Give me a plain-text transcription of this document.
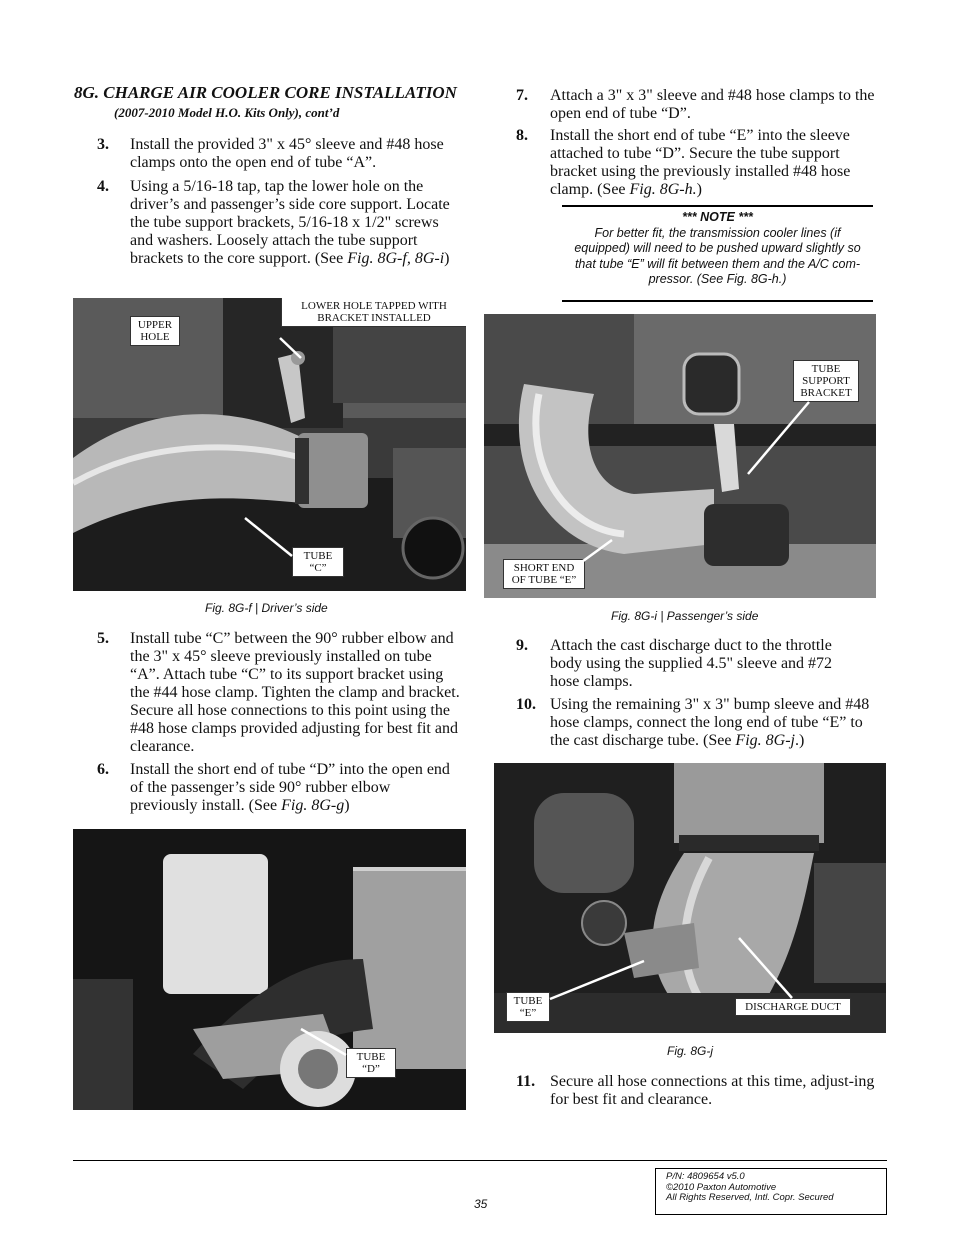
8G. CHARGE AIR COOLER CORE INSTALLATION
(2007-2010 Model H.O. Kits Only), cont’d
3. Install the provided 3" x 45° sleeve and #48 hose clamps onto the open end of tube “A”.
4. Using a 5/16-18 tap, tap the lower hole on the driver’s and passenger’s side core support. Locate the tube support brackets, 5/16-18 x 1/2" screws and washers. Loosely attach the tube support brackets to the core support. (See Fig. 8G-f, 8G-i)
UPPER HOLE
LOWER HOLE TAPPED WITH BRACKET INSTALLED
TUBE “C”
Fig. 8G-f | Driver’s side
5. Install tube “C” between the 90° rubber elbow and the 3" x 45° sleeve previously installed on tube “A”. Attach tube “C” to its support bracket using the #44 hose clamp. Tighten the clamp and bracket. Secure all hose connections to this point using the #48 hose clamps provided adjusting for best fit and clearance.
6. Install the short end of tube “D” into the open end of the passenger’s side 90° rubber elbow previously install. (See Fig. 8G-g)
TUBE “D”
7. Attach a 3" x 3" sleeve and #48 hose clamps to the open end of tube “D”.
8. Install the short end of tube “E” into the sleeve attached to tube “D”. Secure the tube support bracket using the previously installed #48 hose clamp. (See Fig. 8G-h.)
*** NOTE ***
For better fit, the transmission cooler lines (if equipped) will need to be pushed upward slightly so that tube “E” will fit between them and the A/C com-pressor. (See Fig. 8G-h.)
TUBE SUPPORT BRACKET
SHORT END OF TUBE “E”
Fig. 8G-i | Passenger’s side
9. Attach the cast discharge duct to the throttle body using the supplied 4.5" sleeve and #72 hose clamps.
10. Using the remaining 3" x 3" bump sleeve and #48 hose clamps, connect the long end of tube “E” to the cast discharge tube. (See Fig. 8G-j.)
TUBE “E”	DISCHARGE DUCT
Fig. 8G-j
11. Secure all hose connections at this time, adjust-ing for best fit and clearance.
35
P/N: 4809654 v5.0
©2010 Paxton Automotive
All Rights Reserved, Intl. Copr. Secured
